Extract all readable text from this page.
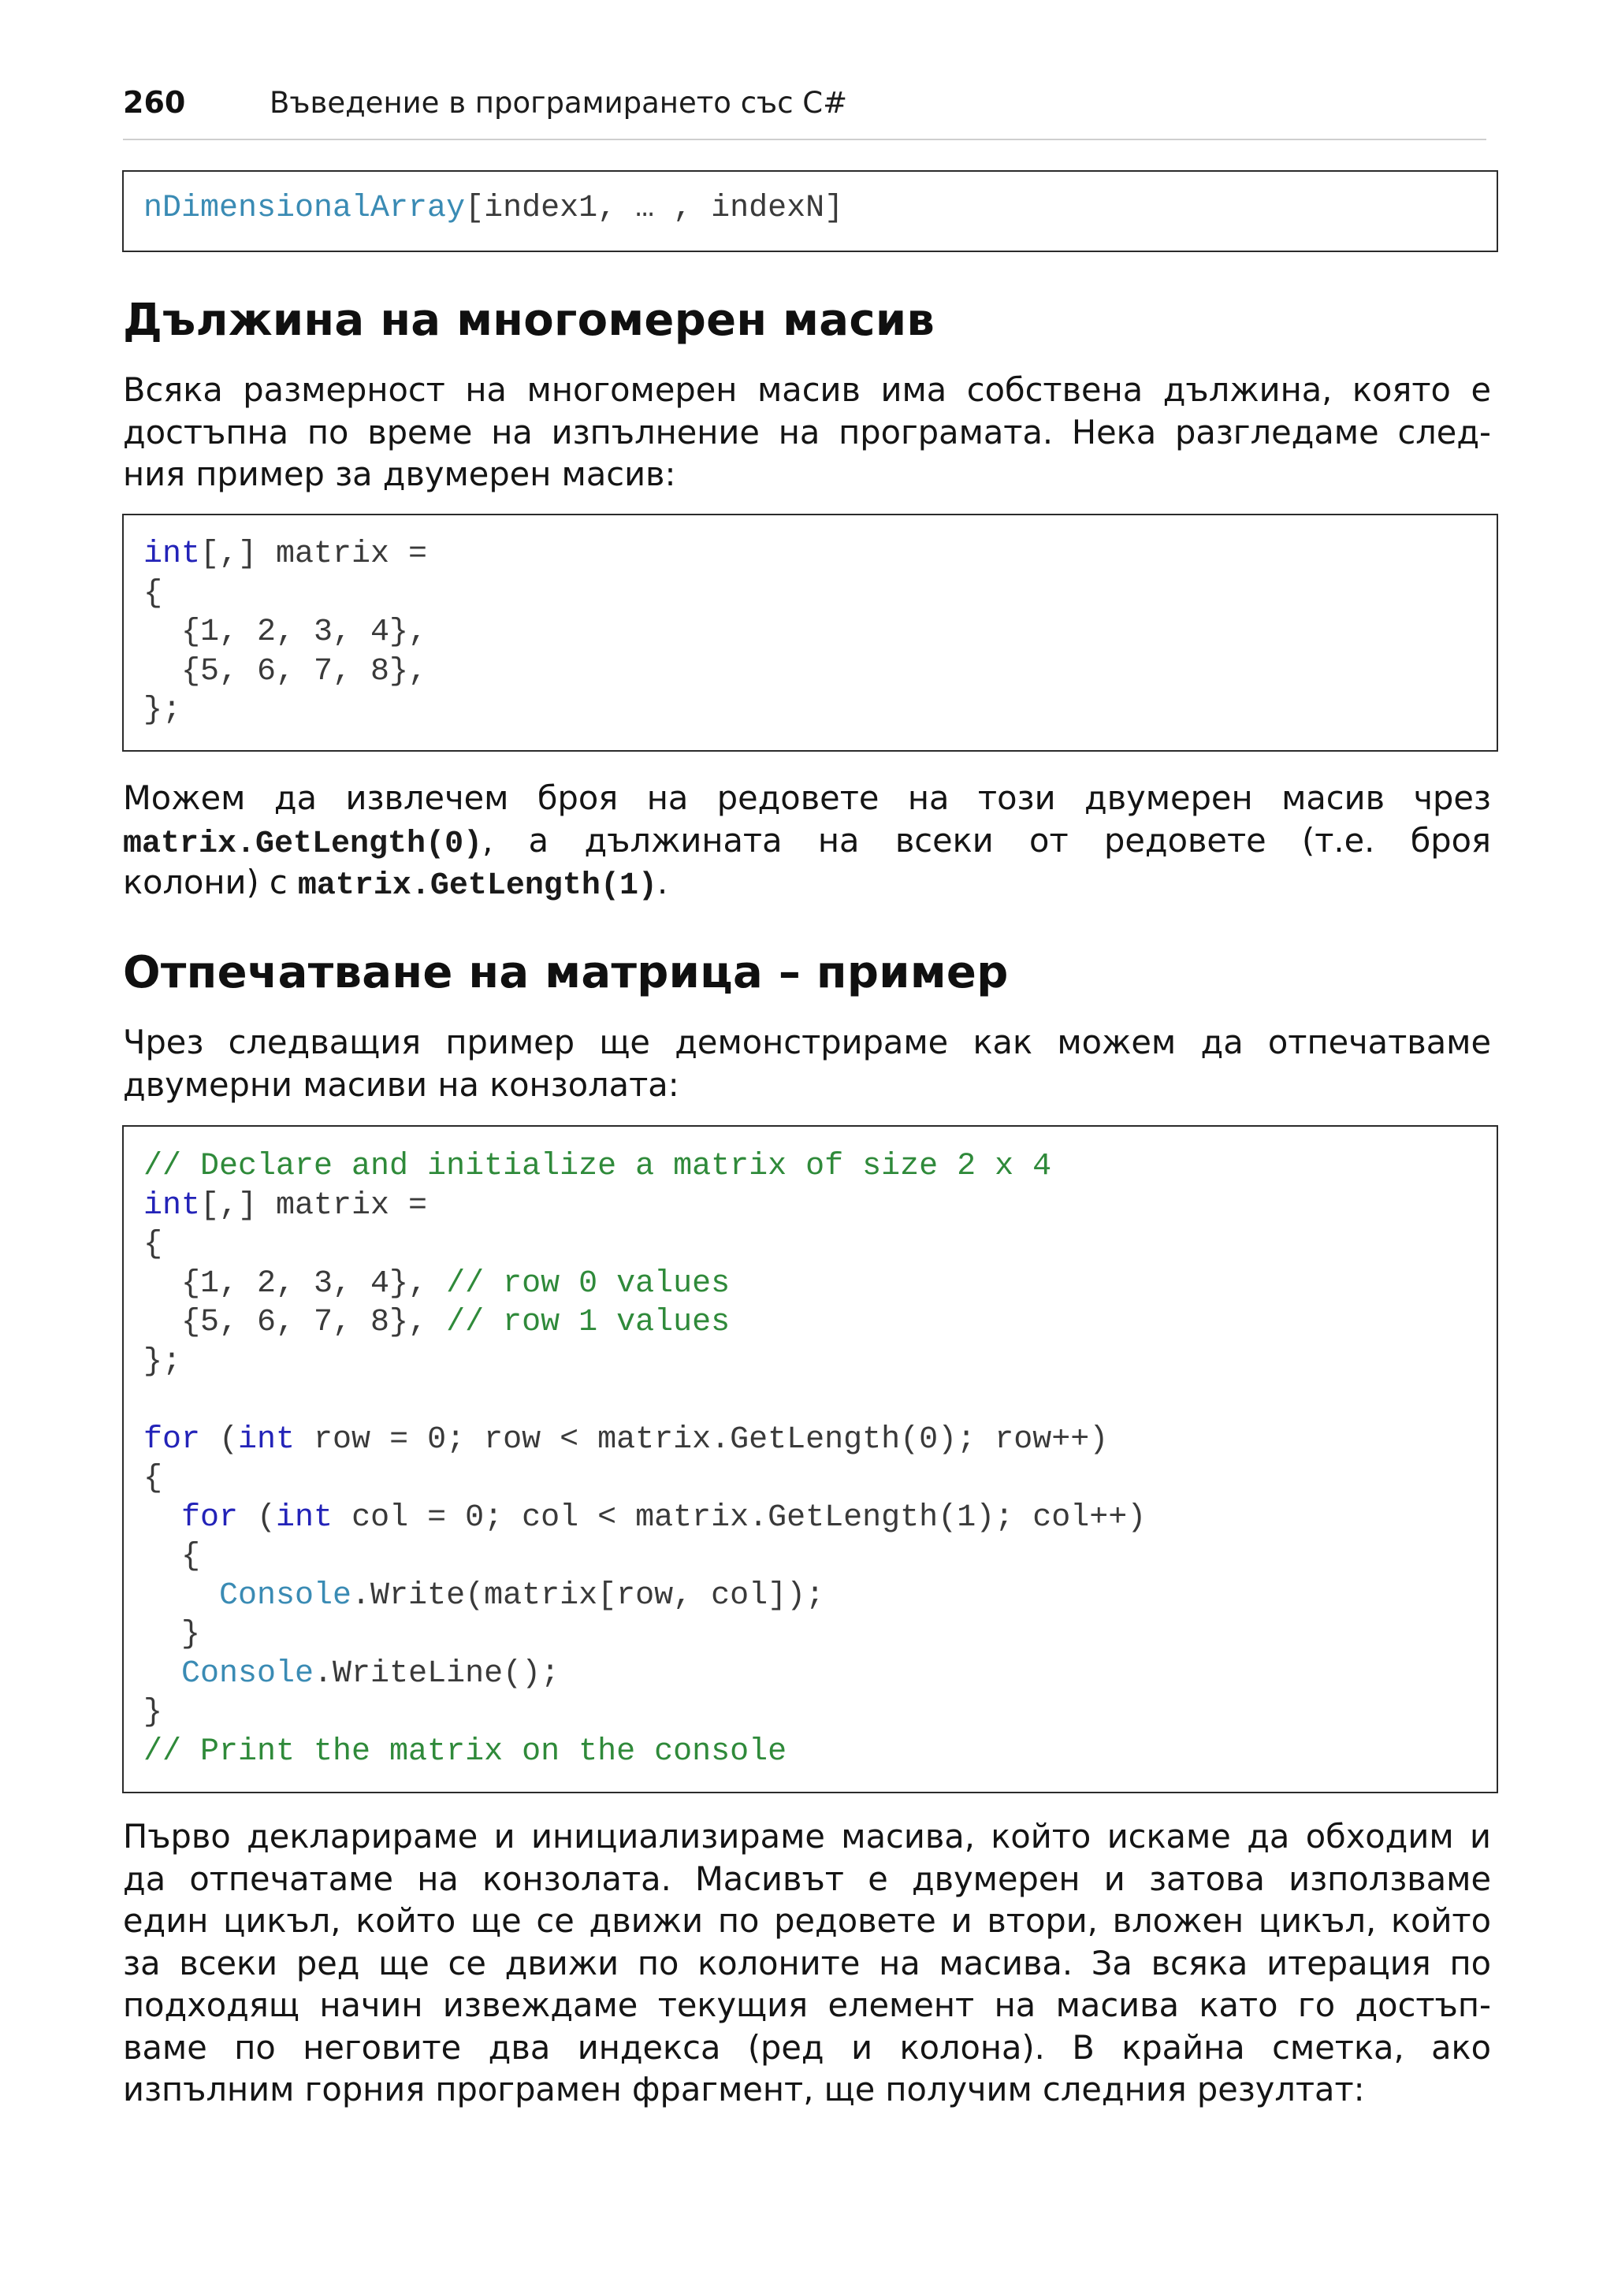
260	Въведение в програмирането със C#
nDimensionalArray[index1, … , indexN]
Дължина на многомерен масив
Всяка размерност на многомерен масив има собствена дължина, която е
достъпна по време на изпълнение на програмата. Нека разгледаме след-
ния пример за двумерен масив:
int[,] matrix =
{
{1, 2, 3, 4},
{5, 6, 7, 8},
};
Можем да извлечем броя на редовете на този двумерен масив чрез
matrix.GetLength(0), а дължината на всеки от редовете (т.е. броя
колони) с matrix.GetLength(1).
Отпечатване на матрица – пример
Чрез следващия пример ще демонстрираме как можем да отпечатваме
двумерни масиви на конзолата:
// Declare and initialize a matrix of size 2 x 4
int[,] matrix =
{
{1, 2, 3, 4}, // row 0 values
{5, 6, 7, 8}, // row 1 values
};
for (int row = 0; row < matrix.GetLength(0); row++)
{
for (int col = 0; col < matrix.GetLength(1); col++)
{
Console.Write(matrix[row, col]);
}
Console.WriteLine();
}
// Print the matrix on the console
Първо декларираме и инициализираме масива, който искаме да обходим и
да отпечатаме на конзолата. Масивът е двумерен и затова използваме
един цикъл, който ще се движи по редовете и втори, вложен цикъл, който
за всеки ред ще се движи по колоните на масива. За всяка итерация по
подходящ начин извеждаме текущия елемент на масива като го достъп-
ваме по неговите два индекса (ред и колона). В крайна сметка, ако
изпълним горния програмен фрагмент, ще получим следния резултат:
